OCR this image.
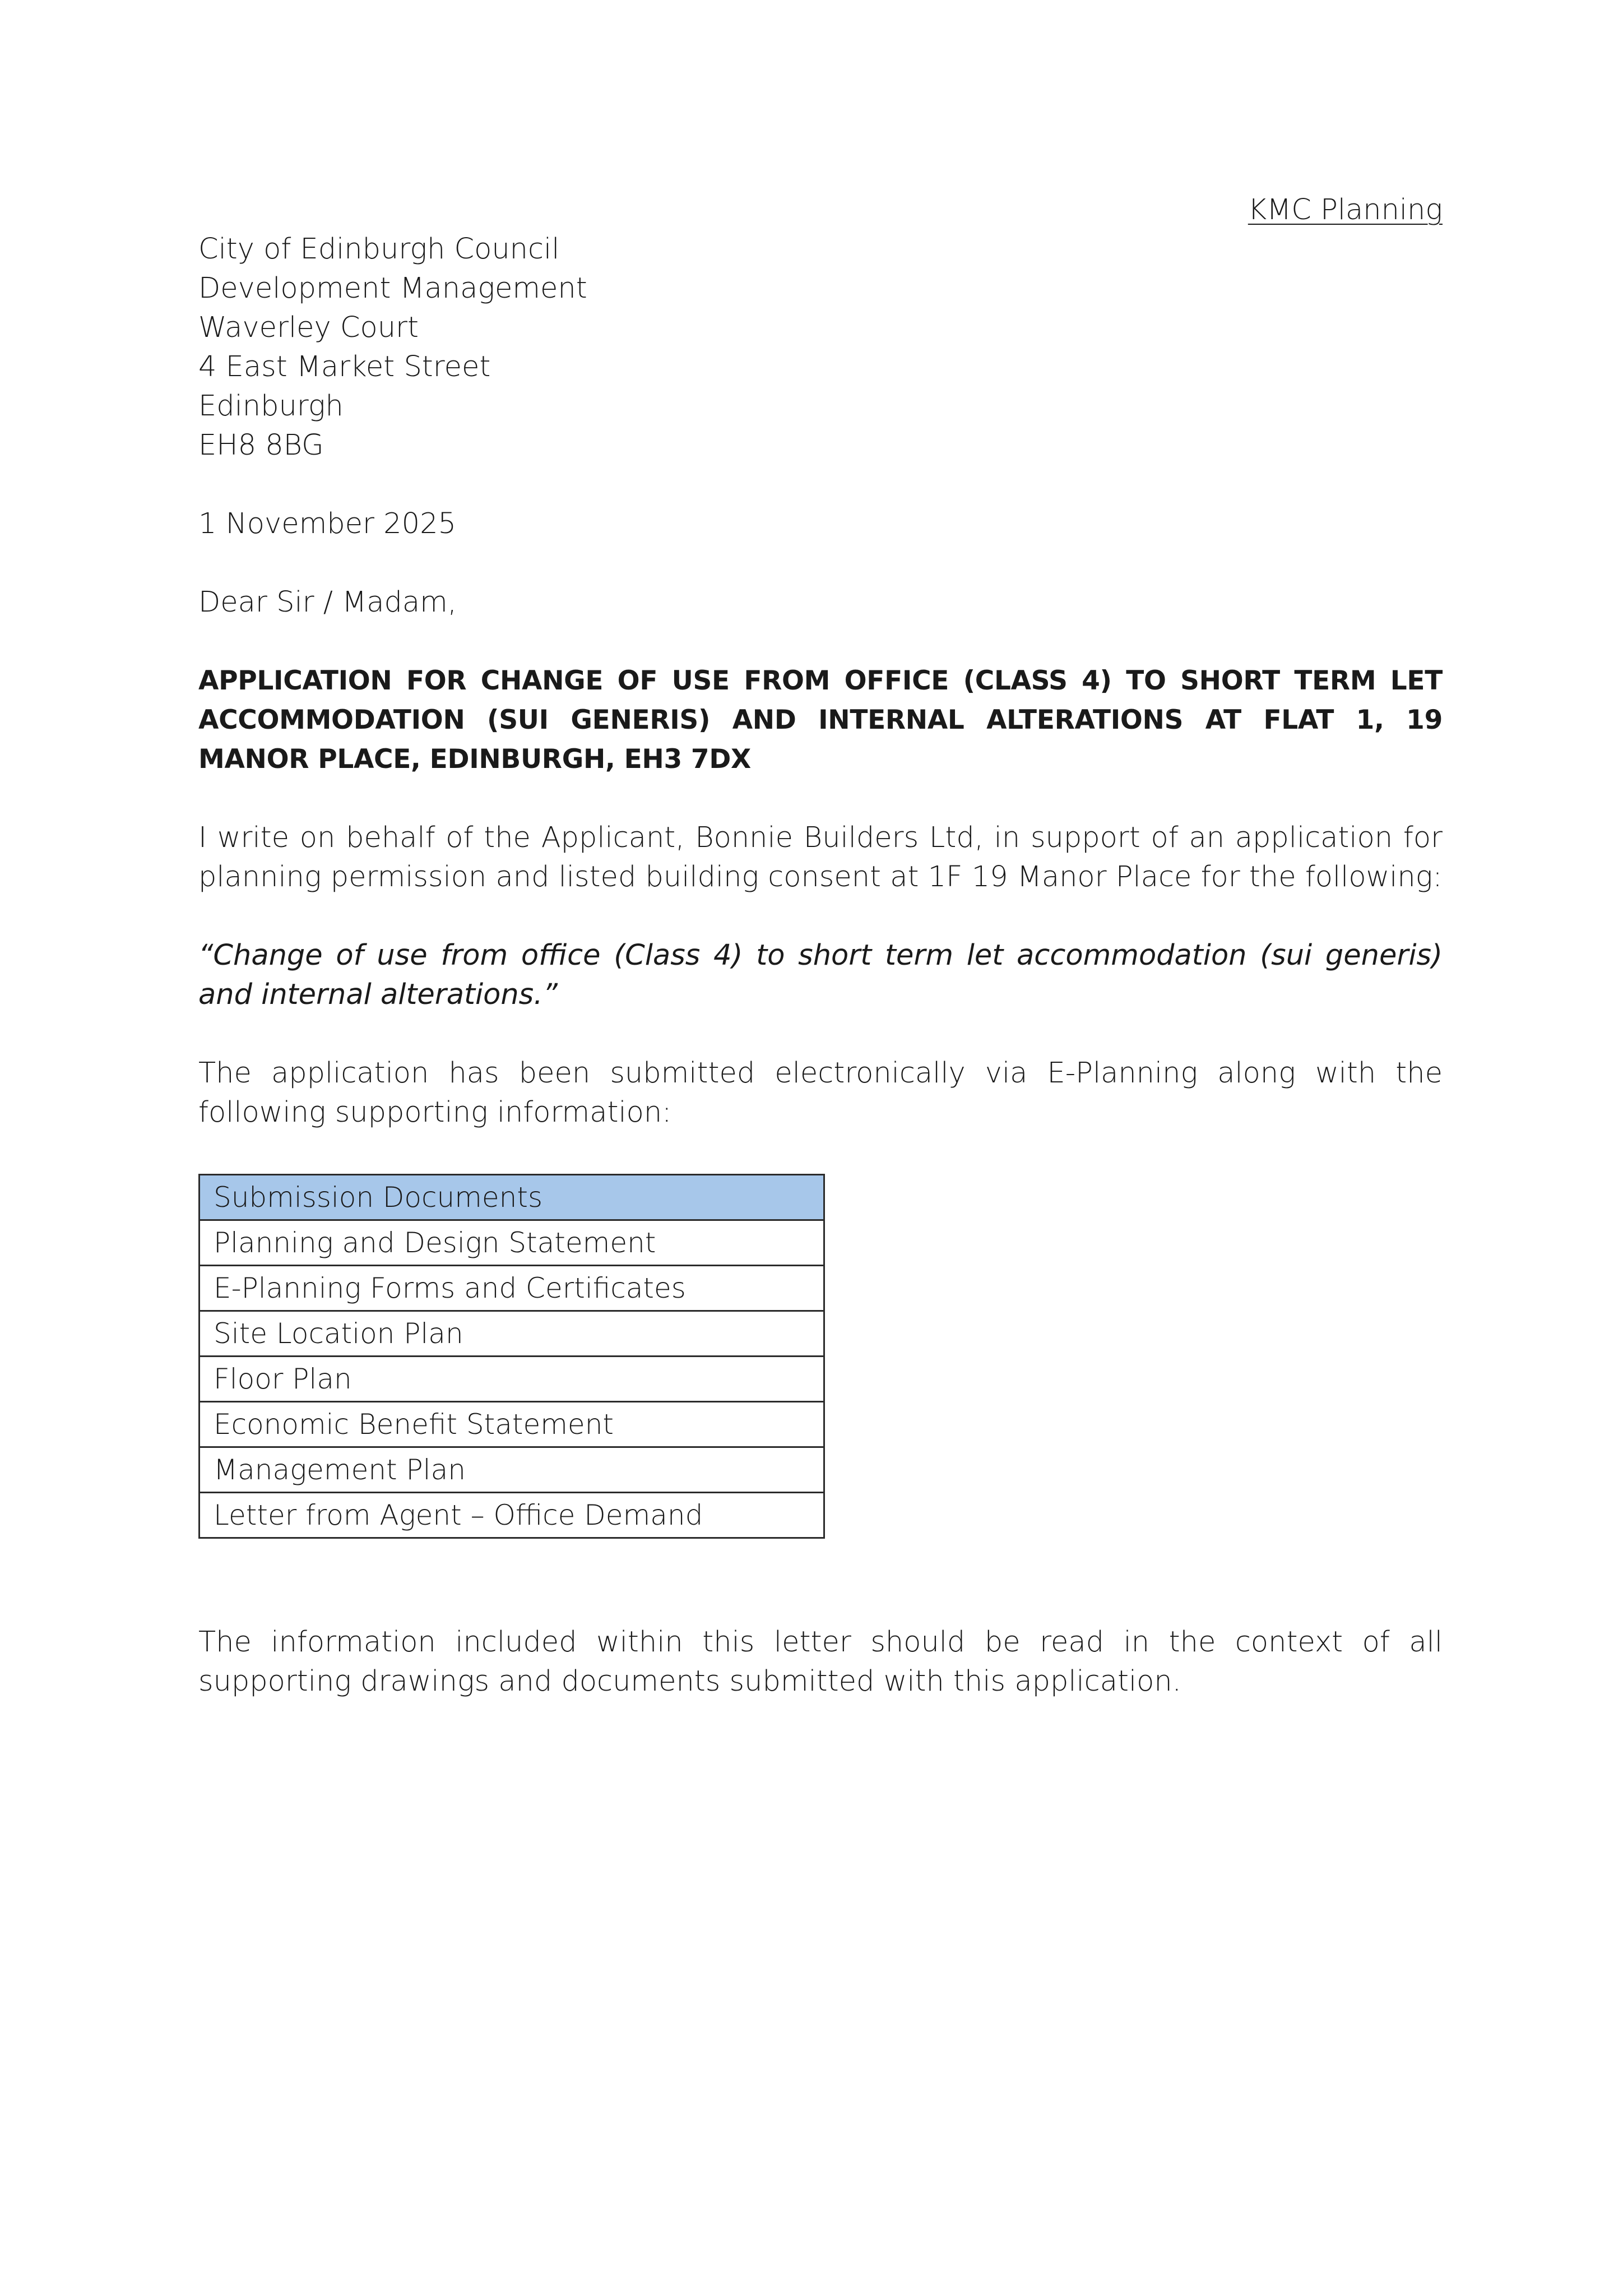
KMC Planning

City of Edinburgh Council
Development Management
Waverley Court
4 East Market Street
Edinburgh
EH8 8BG
1 November 2025
Dear Sir / Madam,
APPLICATION FOR CHANGE OF USE FROM OFFICE (CLASS 4) TO SHORT TERM LET ACCOMMODATION (SUI GENERIS) AND INTERNAL ALTERATIONS AT FLAT 1, 19 MANOR PLACE, EDINBURGH, EH3 7DX
I write on behalf of the Applicant, Bonnie Builders Ltd, in support of an application for planning permission and listed building consent at 1F 19 Manor Place for the following:
“Change of use from office (Class 4) to short term let accommodation (sui generis) and internal alterations.”
The application has been submitted electronically via E-Planning along with the following supporting information:
Submission Documents
Planning and Design Statement
E-Planning Forms and Certificates
Site Location Plan
Floor Plan
Economic Benefit Statement
Management Plan
Letter from Agent – Office Demand
The information included within this letter should be read in the context of all supporting drawings and documents submitted with this application.
